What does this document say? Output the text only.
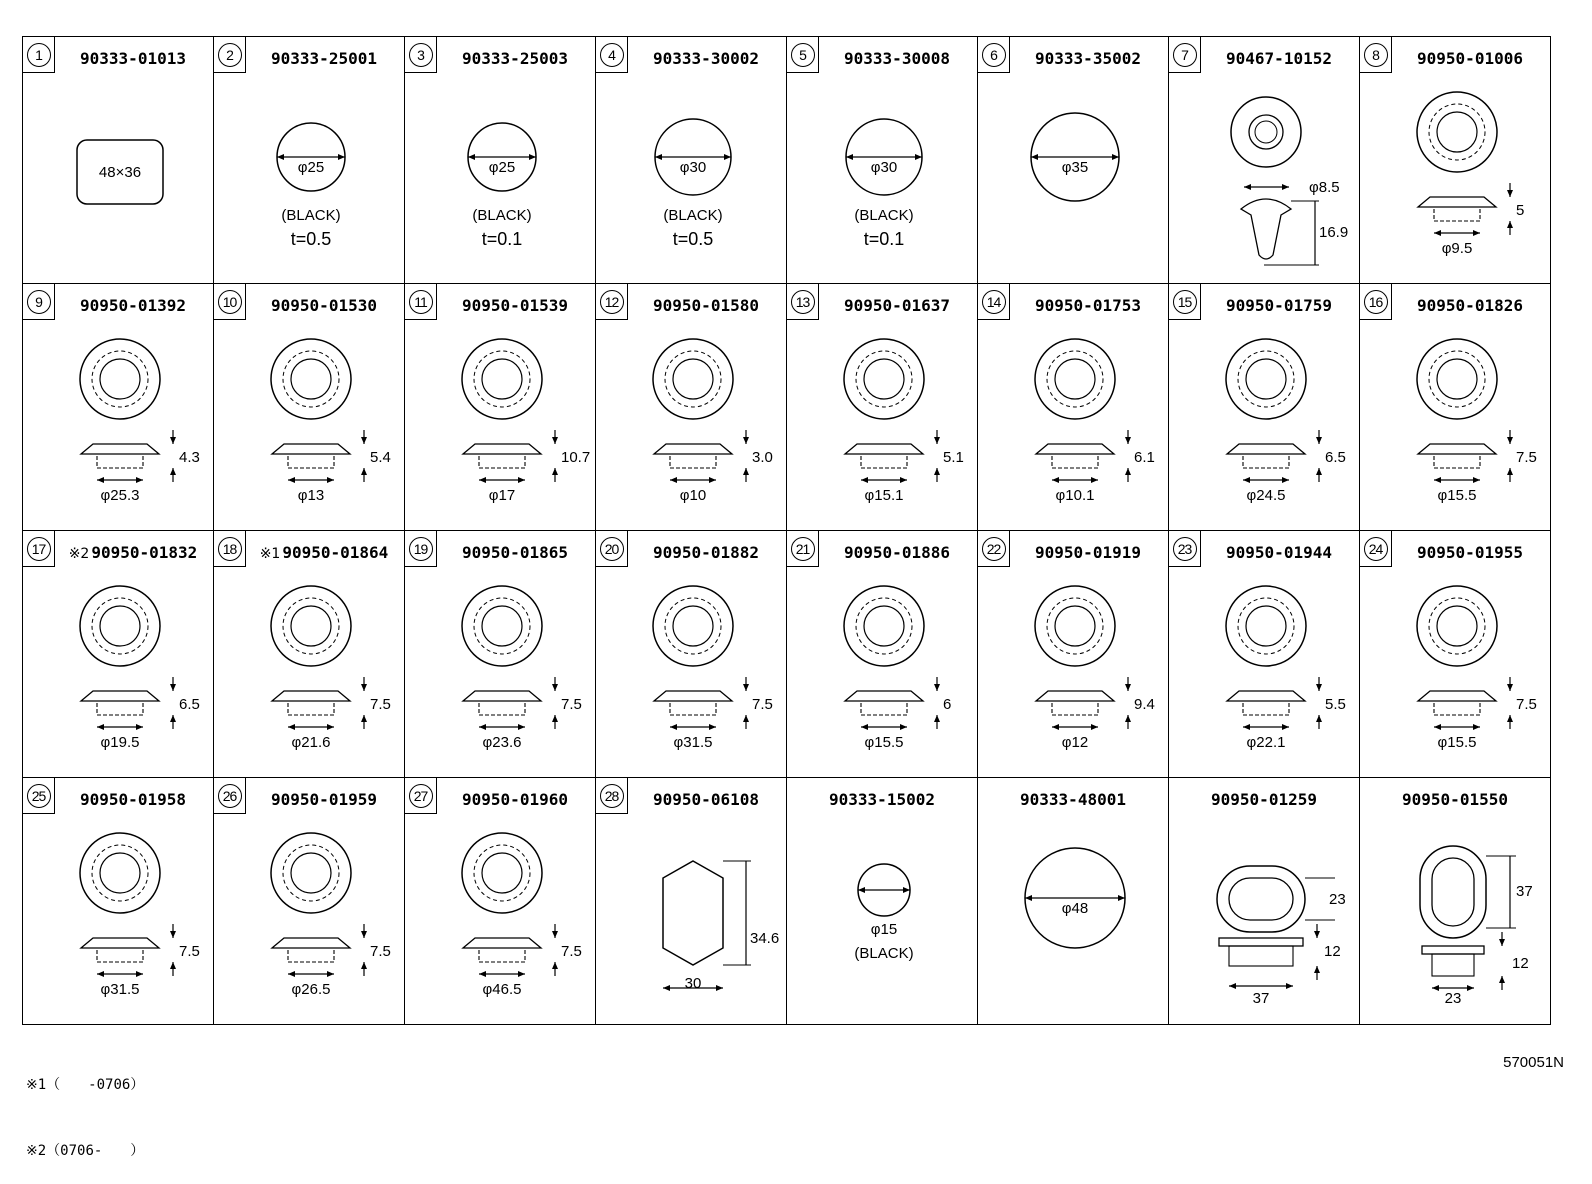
1	90333-01013
48×36
2	90333-25001
φ25
(BLACK)
t=0.5
3	90333-25003
φ25
(BLACK)
t=0.1
4	90333-30002
φ30
(BLACK)
t=0.5
5	90333-30008
φ30
(BLACK)
t=0.1
6	90333-35002
φ35
7	90467-10152
φ8.5
16.9
8	90950-01006
5
φ9.5
9	90950-01392
4.3
φ25.3
10	90950-01530
5.4
φ13
11	90950-01539
10.7
φ17
12	90950-01580
3.0
φ10
13	90950-01637
5.1
φ15.1
14	90950-01753
6.1
φ10.1
15	90950-01759
6.5
φ24.5
16	90950-01826
7.5
φ15.5
17	※2 90950-01832
6.5
φ19.5
18	※1 90950-01864
7.5
φ21.6
19	90950-01865
7.5
φ23.6
20	90950-01882
7.5
φ31.5
21	90950-01886
6
φ15.5
22	90950-01919
9.4
φ12
23	90950-01944
5.5
φ22.1
24	90950-01955
7.5
φ15.5
25	90950-01958
7.5
φ31.5
26	90950-01959
7.5
φ26.5
27	90950-01960
7.5
φ46.5
28	90950-06108
34.6
30
90333-15002
φ15
(BLACK)
90333-48001
φ48
90950-01259
23
12
37
90950-01550
37
12
23

※1（　　-0706）

※2（0706-　　）

570051N
